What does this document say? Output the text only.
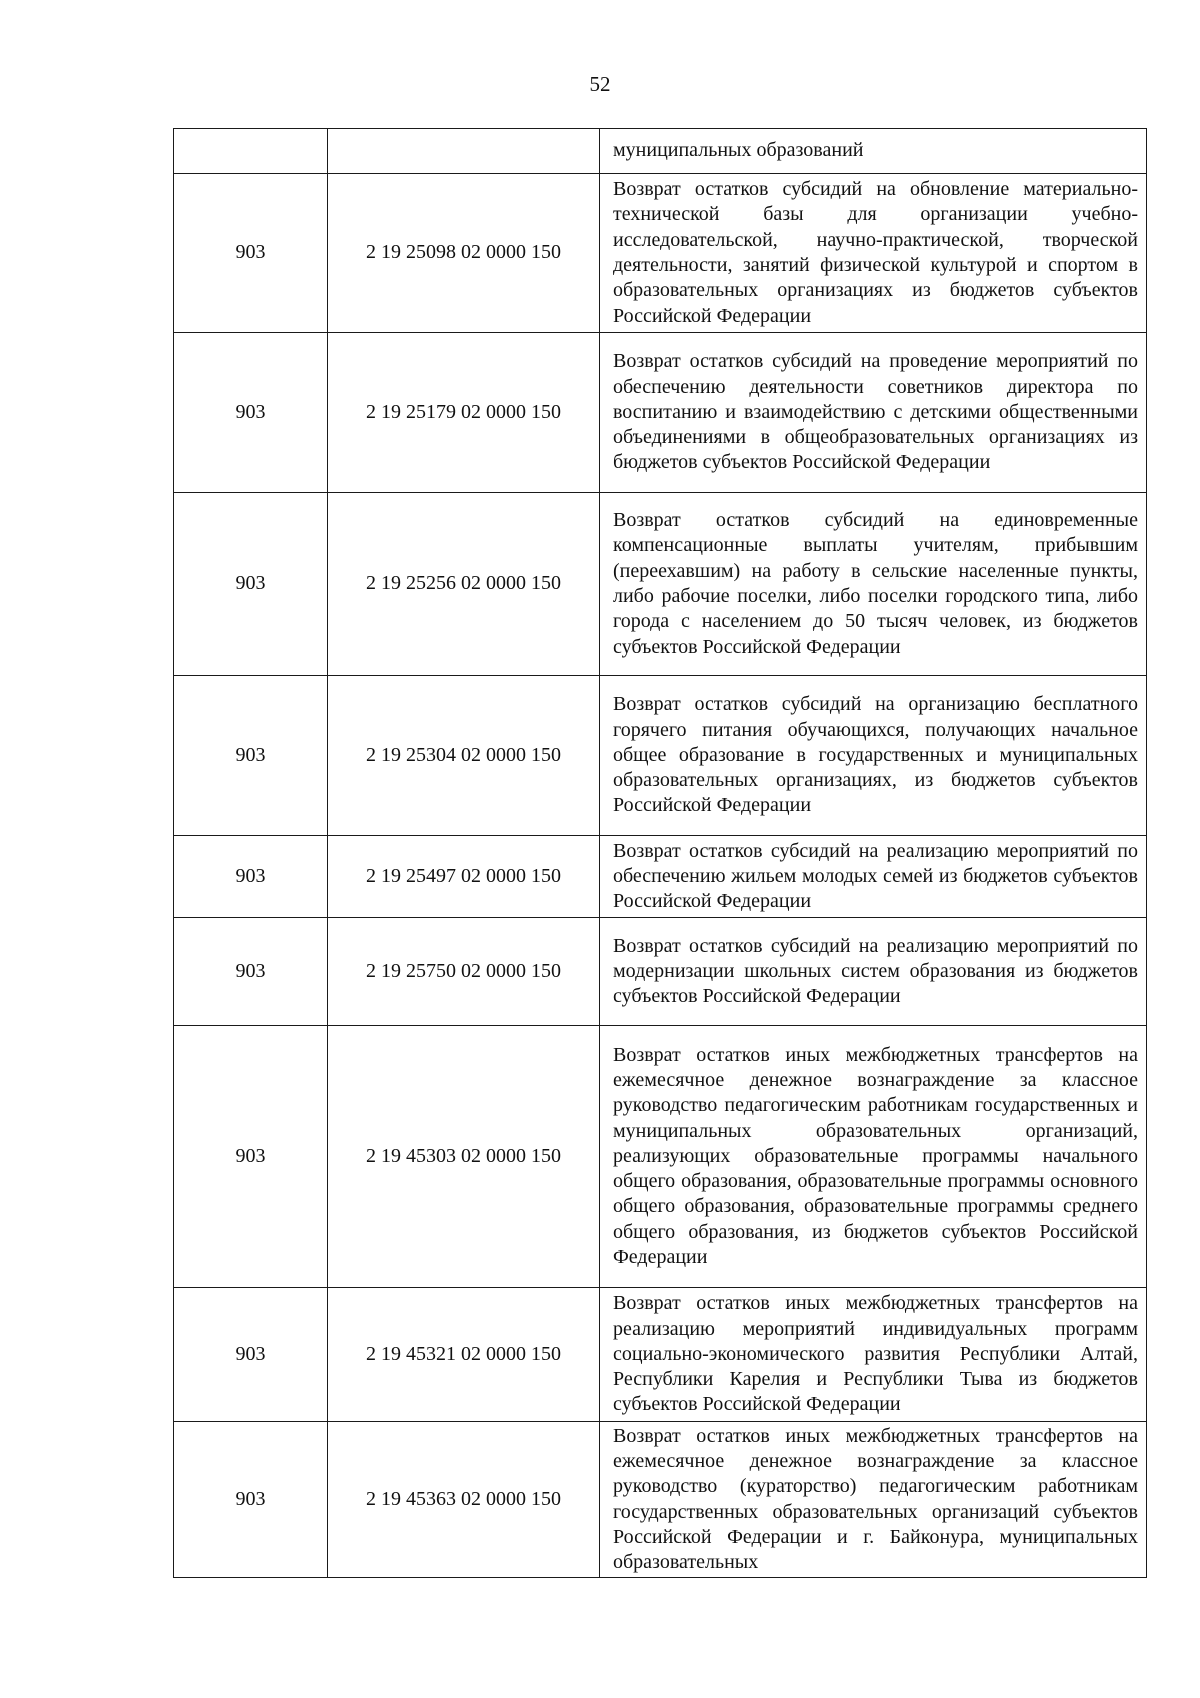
52
		муниципальных образований
903	2 19 25098 02 0000 150	Возврат остатков субсидий на обновление материально-технической базы для организации учебно-исследовательской, научно-практической, творческой деятельности, занятий физической культурой и спортом в образовательных организациях из бюджетов субъектов Российской Федерации
903	2 19 25179 02 0000 150	Возврат остатков субсидий на проведение мероприятий по обеспечению деятельности советников директора по воспитанию и взаимодействию с детскими общественными объединениями в общеобразовательных организациях из бюджетов субъектов Российской Федерации
903	2 19 25256 02 0000 150	Возврат остатков субсидий на единовременные компенсационные выплаты учителям, прибывшим (переехавшим) на работу в сельские населенные пункты, либо рабочие поселки, либо поселки городского типа, либо города с населением до 50 тысяч человек, из бюджетов субъектов Российской Федерации
903	2 19 25304 02 0000 150	Возврат остатков субсидий на организацию бесплатного горячего питания обучающихся, получающих начальное общее образование в государственных и муниципальных образовательных организациях, из бюджетов субъектов Российской Федерации
903	2 19 25497 02 0000 150	Возврат остатков субсидий на реализацию мероприятий по обеспечению жильем молодых семей из бюджетов субъектов Российской Федерации
903	2 19 25750 02 0000 150	Возврат остатков субсидий на реализацию мероприятий по модернизации школьных систем образования из бюджетов субъектов Российской Федерации
903	2 19 45303 02 0000 150	Возврат остатков иных межбюджетных трансфертов на ежемесячное денежное вознаграждение за классное руководство педагогическим работникам государственных и муниципальных образовательных организаций, реализующих образовательные программы начального общего образования, образовательные программы основного общего образования, образовательные программы среднего общего образования, из бюджетов субъектов Российской Федерации
903	2 19 45321 02 0000 150	Возврат остатков иных межбюджетных трансфертов на реализацию мероприятий индивидуальных программ социально-экономического развития Республики Алтай, Республики Карелия и Республики Тыва из бюджетов субъектов Российской Федерации
903	2 19 45363 02 0000 150	Возврат остатков иных межбюджетных трансфертов на ежемесячное денежное вознаграждение за классное руководство (кураторство) педагогическим работникам государственных образовательных организаций субъектов Российской Федерации и г. Байконура, муниципальных образовательных
